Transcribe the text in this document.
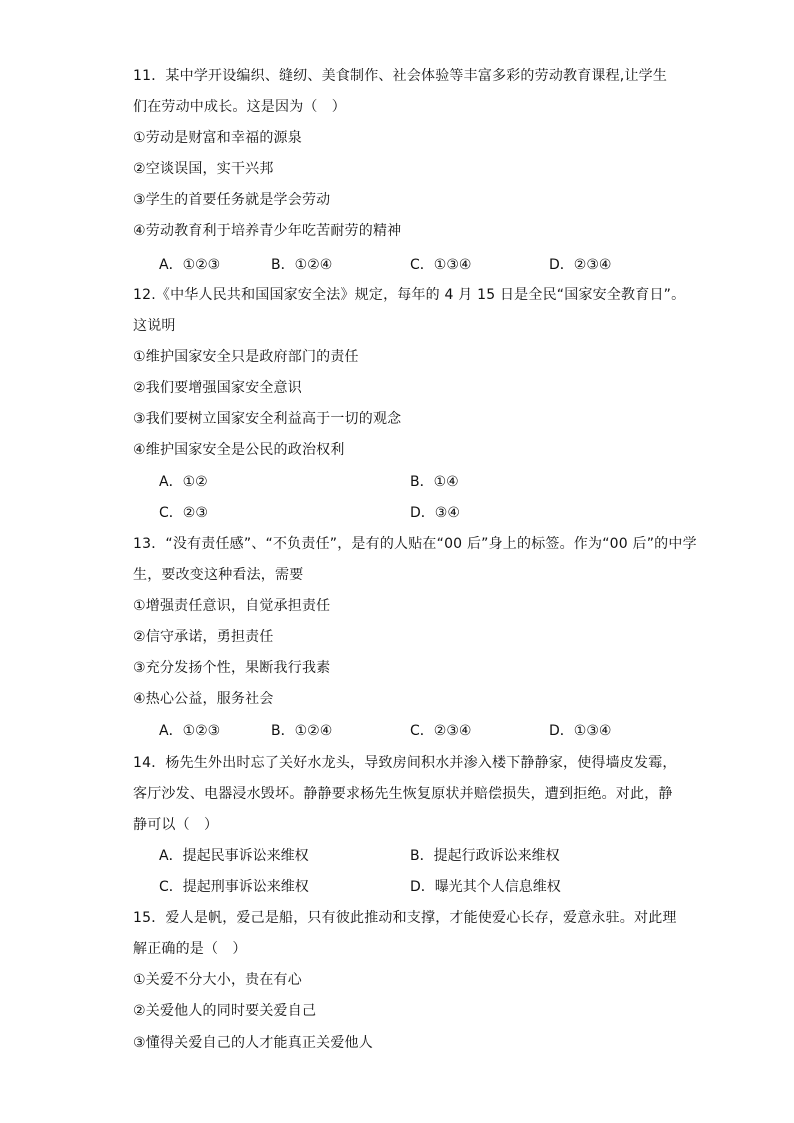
11．某中学开设编织、缝纫、美食制作、社会体验等丰富多彩的劳动教育课程,让学生
们在劳动中成长。这是因为（　）
①劳动是财富和幸福的源泉
②空谈误国，实干兴邦
③学生的首要任务就是学会劳动
④劳动教育利于培养青少年吃苦耐劳的精神
A．①②③	B．①②④	C．①③④	D．②③④
12.《中华人民共和国国家安全法》规定，每年的 4 月 15 日是全民“国家安全教育日”。
这说明
①维护国家安全只是政府部门的责任
②我们要增强国家安全意识
③我们要树立国家安全利益高于一切的观念
④维护国家安全是公民的政治权利
A．①②	B．①④
C．②③	D．③④
13．“没有责任感”、“不负责任”，是有的人贴在“00 后”身上的标签。作为“00 后”的中学
生，要改变这种看法，需要
①增强责任意识，自觉承担责任
②信守承诺，勇担责任
③充分发扬个性，果断我行我素
④热心公益，服务社会
A．①②③	B．①②④	C．②③④	D．①③④
14．杨先生外出时忘了关好水龙头，导致房间积水并渗入楼下静静家，使得墙皮发霉，
客厅沙发、电器浸水毁坏。静静要求杨先生恢复原状并赔偿损失，遭到拒绝。对此，静
静可以（　）
A．提起民事诉讼来维权	B．提起行政诉讼来维权
C．提起刑事诉讼来维权	D．曝光其个人信息维权
15．爱人是帆，爱己是船，只有彼此推动和支撑，才能使爱心长存，爱意永驻。对此理
解正确的是（　）
①关爱不分大小，贵在有心
②关爱他人的同时要关爱自己
③懂得关爱自己的人才能真正关爱他人
